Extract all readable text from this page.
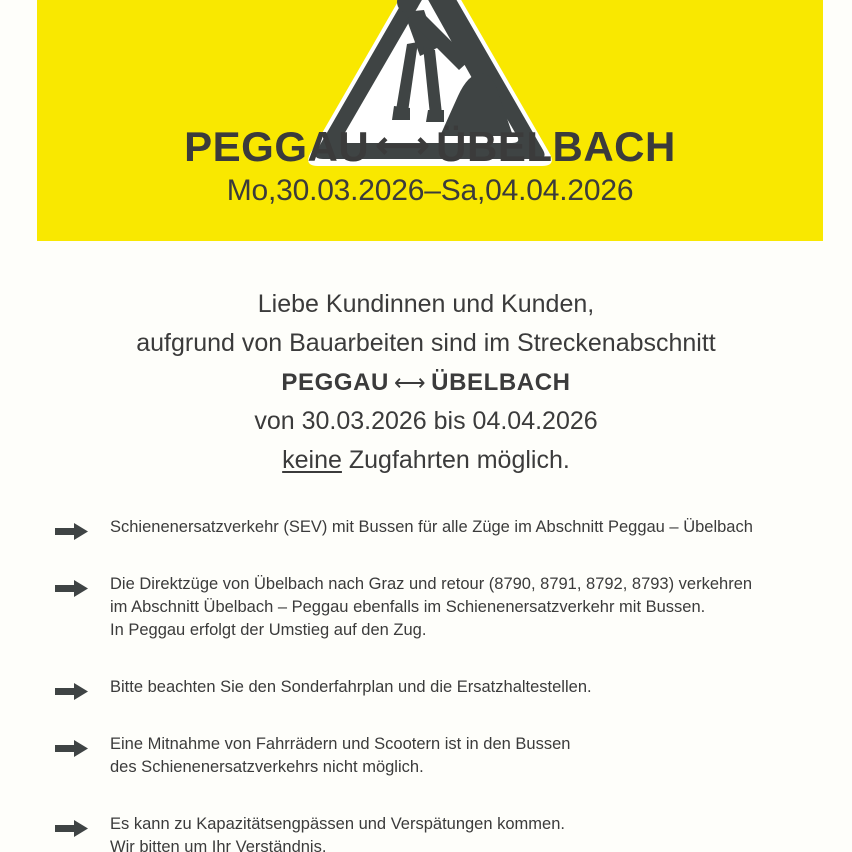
PEGGAU ⟷ ÜBELBACH
Mo,30.03.2026–Sa,04.04.2026
Liebe Kundinnen und Kunden,
aufgrund von Bauarbeiten sind im Streckenabschnitt
PEGGAU ⟷ ÜBELBACH
von 30.03.2026 bis 04.04.2026
keine Zugfahrten möglich.
Schienenersatzverkehr (SEV) mit Bussen für alle Züge im Abschnitt Peggau – Übelbach
Die Direktzüge von Übelbach nach Graz und retour (8790, 8791, 8792, 8793) verkehren
im Abschnitt Übelbach – Peggau ebenfalls im Schienenersatzverkehr mit Bussen.
In Peggau erfolgt der Umstieg auf den Zug.
Bitte beachten Sie den Sonderfahrplan und die Ersatzhaltestellen.
Eine Mitnahme von Fahrrädern und Scootern ist in den Bussen
des Schienenersatzverkehrs nicht möglich.
Es kann zu Kapazitätsengpässen und Verspätungen kommen.
Wir bitten um Ihr Verständnis.
